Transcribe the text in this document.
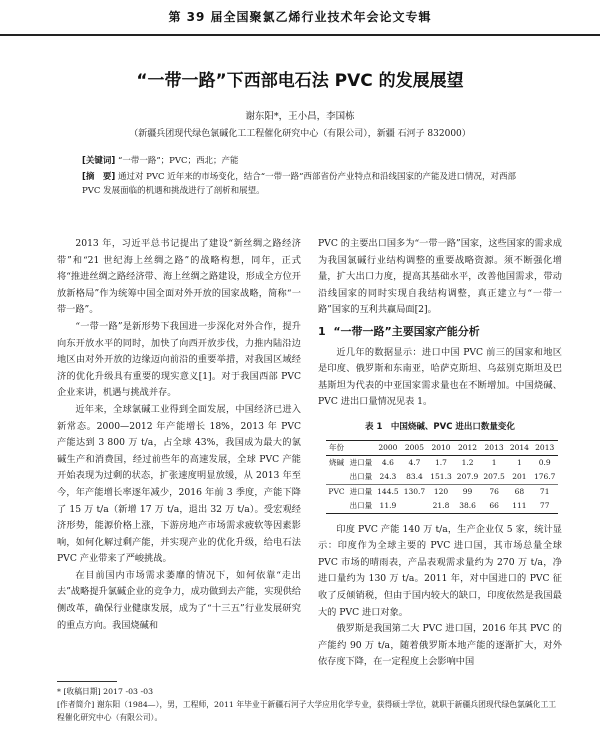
第 39 届全国聚氯乙烯行业技术年会论文专辑
“一带一路”下西部电石法 PVC 的发展展望
谢东阳*，王小昌，李国栋
（新疆兵团现代绿色氯碱化工工程催化研究中心（有限公司），新疆 石河子 832000）
[关键词] “一带一路”；PVC；西北；产能
[摘　要] 通过对 PVC 近年来的市场变化，结合“一带一路”西部省份产业特点和沿线国家的产能及进口情况，对西部 PVC 发展面临的机遇和挑战进行了剖析和展望。

2013 年，习近平总书记提出了建设“新丝绸之路经济带”和“21 世纪海上丝绸之路”的战略构想，同年，正式将“推进丝绸之路经济带、海上丝绸之路建设，形成全方位开放新格局”作为统筹中国全面对外开放的国家战略，简称“一带一路”。

“一带一路”是新形势下我国进一步深化对外合作，提升向东开放水平的同时，加快了向西开放步伐，力推内陆沿边地区由对外开放的边缘迈向前沿的重要举措，对我国区域经济的优化升级具有重要的现实意义[1]。对于我国西部 PVC 企业来讲，机遇与挑战并存。

近年来，全球氯碱工业得到全面发展，中国经济已进入新常态。2000—2012 年产能增长 18%，2013 年 PVC 产能达到 3 800 万 t/a，占全球 43%，我国成为最大的氯碱生产和消费国，经过前些年的高速发展，全球 PVC 产能开始表现为过剩的状态，扩张速度明显放缓，从 2013 年至今，年产能增长率逐年减少，2016 年前 3 季度，产能下降了 15 万 t/a（新增 17 万 t/a，退出 32 万 t/a）。受宏观经济形势，能源价格上涨，下游房地产市场需求疲软等因素影响，如何化解过剩产能，并实现产业的优化升级，给电石法 PVC 产业带来了严峻挑战。

在目前国内市场需求萎靡的情况下，如何依靠“走出去”战略提升氯碱企业的竞争力，成功做到去产能，实现供给侧改革，确保行业健康发展，成为了“十三五”行业发展研究的重点方向。我国烧碱和

PVC 的主要出口国多为“一带一路”国家，这些国家的需求成为我国氯碱行业结构调整的重要战略资源。须不断强化增量，扩大出口力度，提高其基础水平，改善他国需求，带动沿线国家的同时实现自我结构调整，真正建立与“一带一路”国家的互利共赢局面[2]。

1 “一带一路”主要国家产能分析

近几年的数据显示：进口中国 PVC 前三的国家和地区是印度、俄罗斯和东南亚，哈萨克斯坦、乌兹别克斯坦及巴基斯坦为代表的中亚国家需求量也在不断增加。中国烧碱、PVC 进出口量情况见表 1。

表 1　中国烧碱、PVC 进出口数量变化
年份		2000	2005	2010	2012	2013	2014	2013
烧碱	进口量	4.6	4.7	1.7	1.2	1	1	0.9
	出口量	24.3	83.4	151.3	207.9	207.5	201	176.7
PVC	进口量	144.5	130.7	120	99	76	68	71
	出口量	11.9		21.8	38.6	66	111	77

印度 PVC 产能 140 万 t/a，生产企业仅 5 家，统计显示：印度作为全球主要的 PVC 进口国，其市场总量全球 PVC 市场的晴雨表，产品表观需求量约为 270 万 t/a，净进口量约为 130 万 t/a。2011 年，对中国进口的 PVC 征收了反倾销税，但由于国内较大的缺口，印度依然是我国最大的 PVC 进口对象。

俄罗斯是我国第二大 PVC 进口国，2016 年其 PVC 的产能约 90 万 t/a，随着俄罗斯本地产能的逐渐扩大，对外依存度下降，在一定程度上会影响中国

* [收稿日期] 2017 -03 -03

[作者简介] 谢东阳（1984—），男，工程师，2011 年毕业于新疆石河子大学应用化学专业，获得硕士学位，就职于新疆兵团现代绿色氯碱化工工程催化研究中心（有限公司）。
